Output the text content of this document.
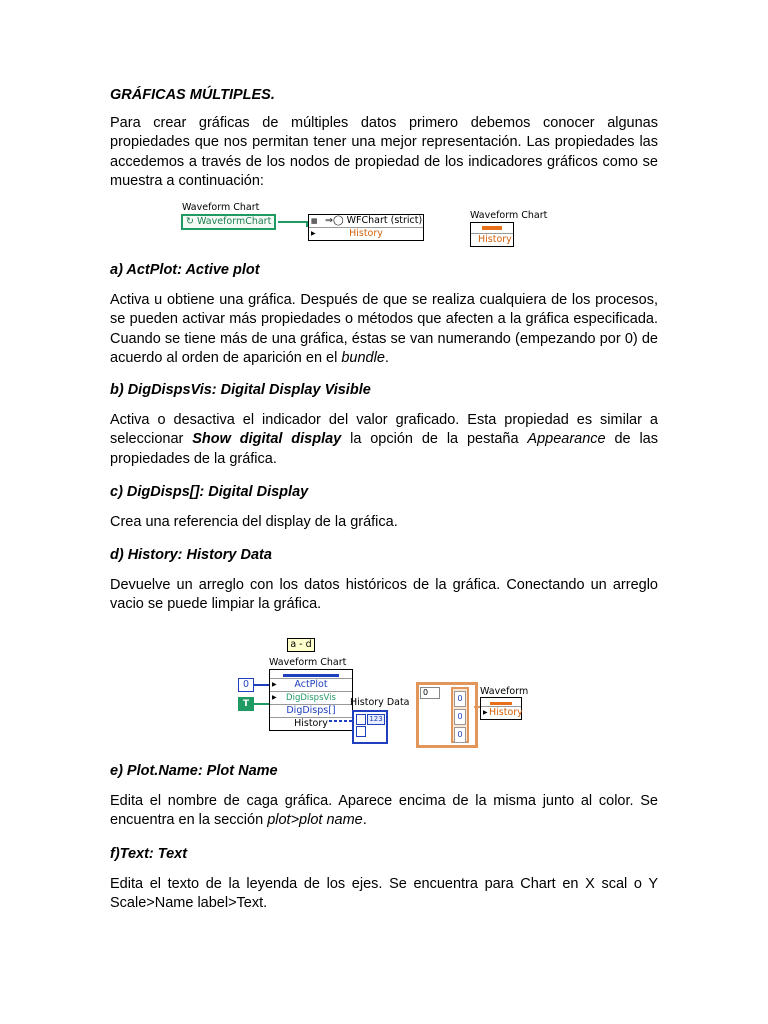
GRÁFICAS MÚLTIPLES.

Para crear gráficas de múltiples datos primero debemos conocer algunas propiedades que nos permitan tener una mejor representación. Las propiedades las accedemos a través de los nodos de propiedad de los indicadores gráficos como se muestra a continuación:

Waveform Chart
↻ WaveformChart	▦ ⇒◯ WFChart (strict)
▶ History
Waveform Chart
History
a) ActPlot: Active plot

Activa u obtiene una gráfica. Después de que se realiza cualquiera de los procesos, se pueden activar más propiedades o métodos que afecten a la gráfica especificada. Cuando se tiene más de una gráfica, éstas se van numerando (empezando por 0) de acuerdo al orden de aparición en el bundle.

b) DigDispsVis: Digital Display Visible

Activa o desactiva el indicador del valor graficado. Esta propiedad es similar a seleccionar Show digital display la opción de la pestaña Appearance de las propiedades de la gráfica.

c) DigDisps[]: Digital Display

Crea una referencia del display de la gráfica.

d) History: History Data

Devuelve un arreglo con los datos históricos de la gráfica. Conectando un arreglo vacio se puede limpiar la gráfica.

a - d
Waveform Chart
▶ ActPlot
▶ DigDispsVis
DigDisps[]
History
0
T	History Data
123
0
0
0
0
Waveform
▶ History
e) Plot.Name: Plot Name

Edita el nombre de caga gráfica. Aparece encima de la misma junto al color. Se encuentra en la sección plot>plot name.

f)Text: Text

Edita el texto de la leyenda de los ejes. Se encuentra para Chart en X scal o Y Scale>Name label>Text.
